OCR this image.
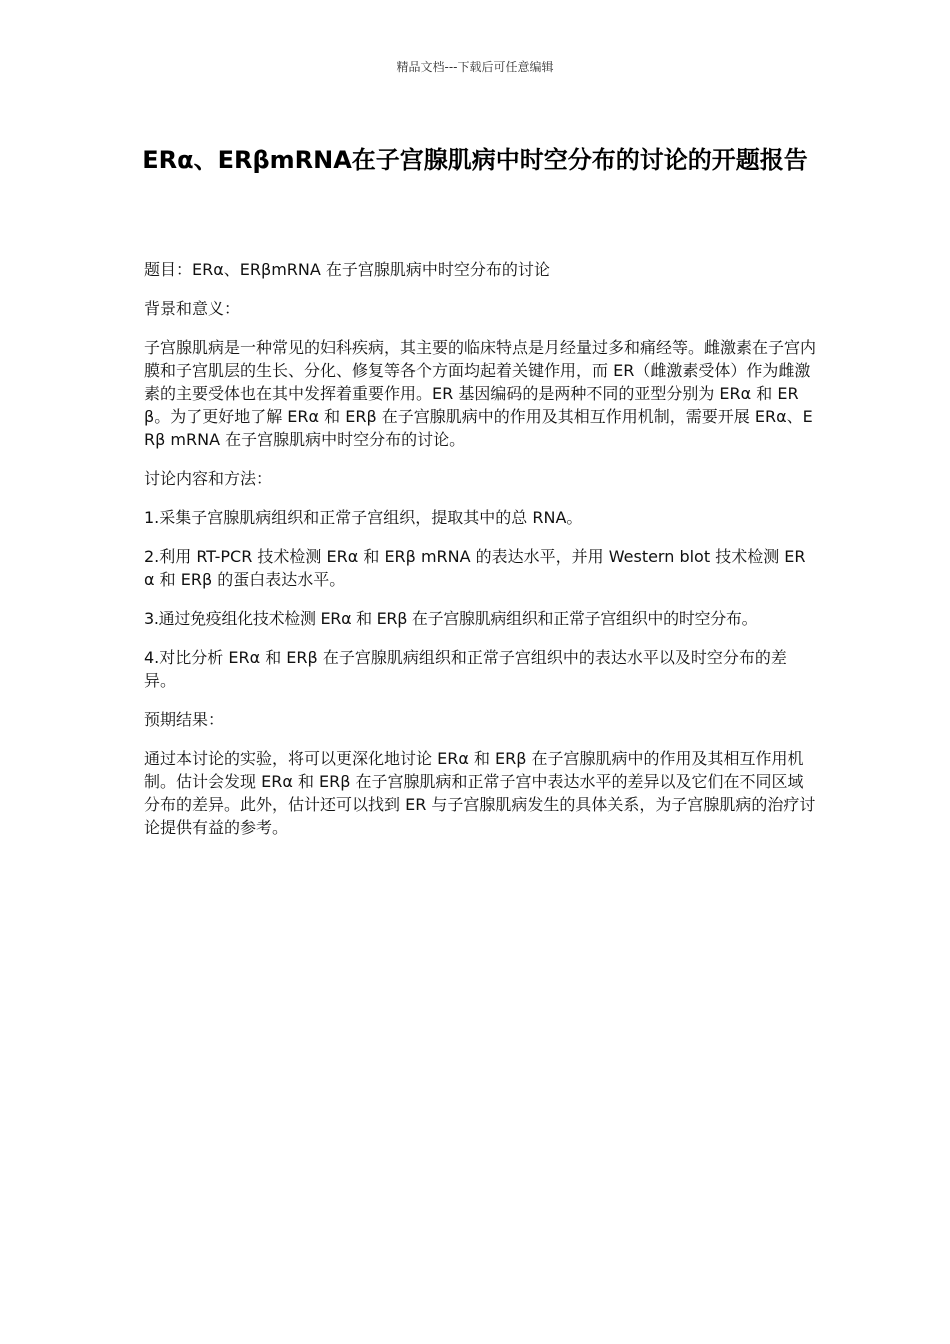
精品文档---下载后可任意编辑
ERα、ERβmRNA在子宫腺肌病中时空分布的讨论的开题报告

题目：ERα、ERβmRNA 在子宫腺肌病中时空分布的讨论

背景和意义：

子宫腺肌病是一种常见的妇科疾病，其主要的临床特点是月经量过多和痛经等。雌激素在子宫内膜和子宫肌层的生长、分化、修复等各个方面均起着关键作用，而 ER（雌激素受体）作为雌激素的主要受体也在其中发挥着重要作用。ER 基因编码的是两种不同的亚型分别为 ERα 和 ERβ。为了更好地了解 ERα 和 ERβ 在子宫腺肌病中的作用及其相互作用机制，需要开展 ERα、ERβ mRNA 在子宫腺肌病中时空分布的讨论。

讨论内容和方法：

1.采集子宫腺肌病组织和正常子宫组织，提取其中的总 RNA。

2.利用 RT-PCR 技术检测 ERα 和 ERβ mRNA 的表达水平，并用 Western blot 技术检测 ERα 和 ERβ 的蛋白表达水平。

3.通过免疫组化技术检测 ERα 和 ERβ 在子宫腺肌病组织和正常子宫组织中的时空分布。

4.对比分析 ERα 和 ERβ 在子宫腺肌病组织和正常子宫组织中的表达水平以及时空分布的差异。

预期结果：

通过本讨论的实验，将可以更深化地讨论 ERα 和 ERβ 在子宫腺肌病中的作用及其相互作用机制。估计会发现 ERα 和 ERβ 在子宫腺肌病和正常子宫中表达水平的差异以及它们在不同区域分布的差异。此外，估计还可以找到 ER 与子宫腺肌病发生的具体关系，为子宫腺肌病的治疗讨论提供有益的参考。
